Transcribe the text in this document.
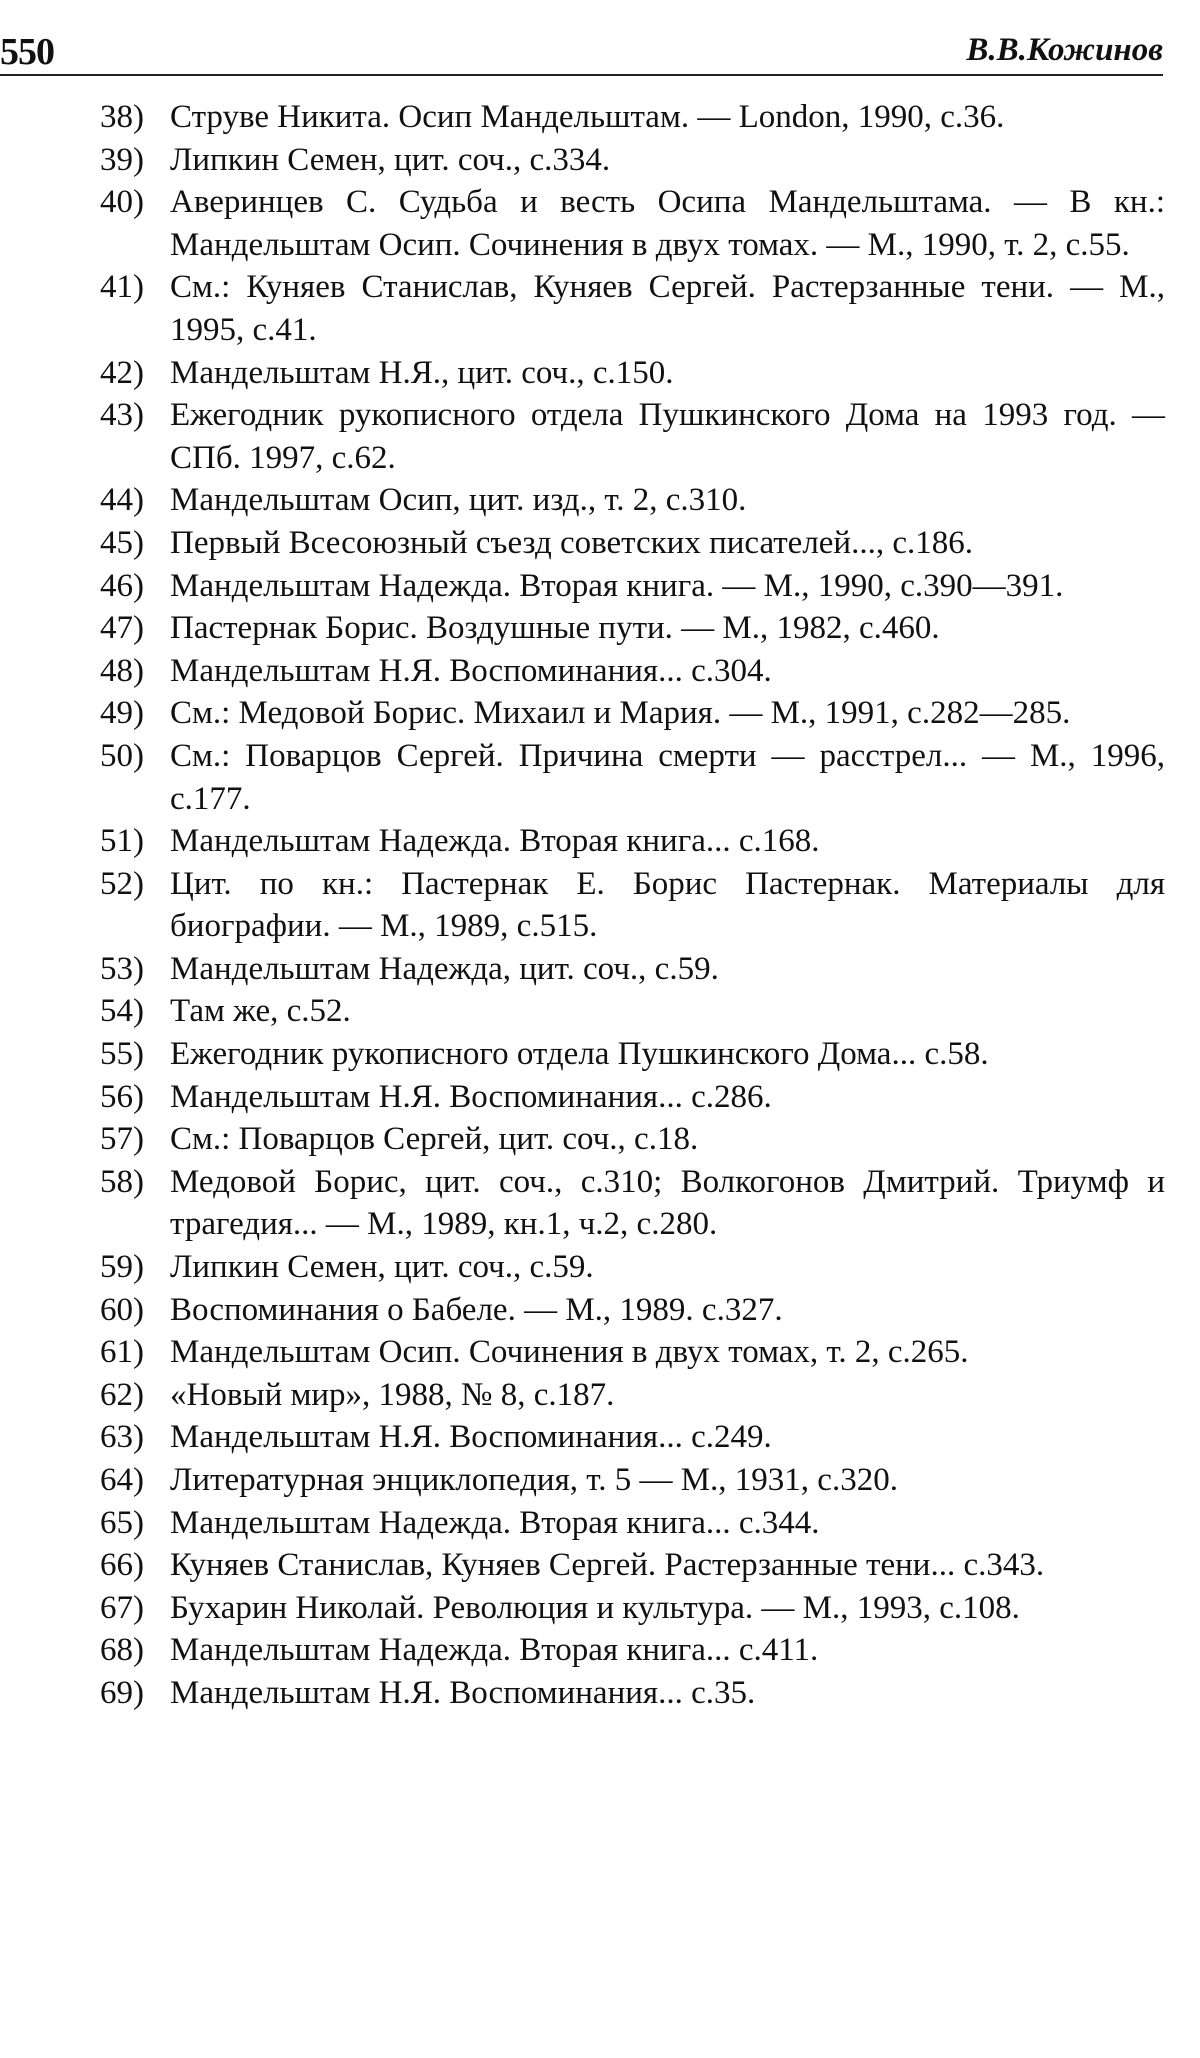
550	В.В.Кожинов
38) Струве Никита. Осип Мандельштам. — London, 1990, с.36.
39) Липкин Семен, цит. соч., с.334.
40) Аверинцев С. Судьба и весть Осипа Мандельштама. — В кн.: Мандельштам Осип. Сочинения в двух томах. — М., 1990, т. 2, с.55.
41) См.: Куняев Станислав, Куняев Сергей. Растерзанные тени. — М., 1995, с.41.
42) Мандельштам Н.Я., цит. соч., с.150.
43) Ежегодник рукописного отдела Пушкинского Дома на 1993 год. — СПб. 1997, с.62.
44) Мандельштам Осип, цит. изд., т. 2, с.310.
45) Первый Всесоюзный съезд советских писателей..., с.186.
46) Мандельштам Надежда. Вторая книга. — М., 1990, с.390—391.
47) Пастернак Борис. Воздушные пути. — М., 1982, с.460.
48) Мандельштам Н.Я. Воспоминания... с.304.
49) См.: Медовой Борис. Михаил и Мария. — М., 1991, с.282—285.
50) См.: Поварцов Сергей. Причина смерти — расстрел... — М., 1996, с.177.
51) Мандельштам Надежда. Вторая книга... с.168.
52) Цит. по кн.: Пастернак Е. Борис Пастернак. Материалы для биографии. — М., 1989, с.515.
53) Мандельштам Надежда, цит. соч., с.59.
54) Там же, с.52.
55) Ежегодник рукописного отдела Пушкинского Дома... с.58.
56) Мандельштам Н.Я. Воспоминания... с.286.
57) См.: Поварцов Сергей, цит. соч., с.18.
58) Медовой Борис, цит. соч., с.310; Волкогонов Дмитрий. Триумф и трагедия... — М., 1989, кн.1, ч.2, с.280.
59) Липкин Семен, цит. соч., с.59.
60) Воспоминания о Бабеле. — М., 1989. с.327.
61) Мандельштам Осип. Сочинения в двух томах, т. 2, с.265.
62) «Новый мир», 1988, № 8, с.187.
63) Мандельштам Н.Я. Воспоминания... с.249.
64) Литературная энциклопедия, т. 5 — М., 1931, с.320.
65) Мандельштам Надежда. Вторая книга... с.344.
66) Куняев Станислав, Куняев Сергей. Растерзанные тени... с.343.
67) Бухарин Николай. Революция и культура. — М., 1993, с.108.
68) Мандельштам Надежда. Вторая книга... с.411.
69) Мандельштам Н.Я. Воспоминания... с.35.
